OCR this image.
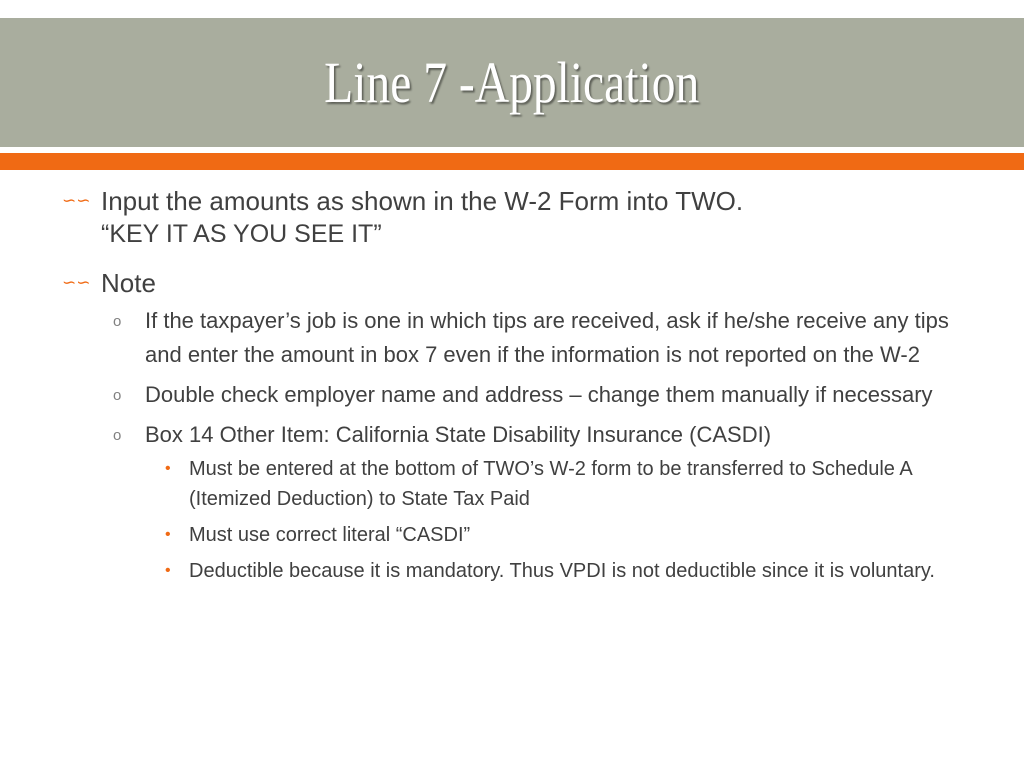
Line 7 -Application
∽∽ Input the amounts as shown in the W-2 Form into TWO.
“KEY IT AS YOU SEE IT”
∽∽ Note
o If the taxpayer’s job is one in which tips are received, ask if he/she receive any tips and enter the amount in box 7 even if the information is not reported on the W-2
o Double check employer name and address – change them manually if necessary
o Box 14 Other Item: California State Disability Insurance (CASDI)
• Must be entered at the bottom of TWO’s W-2 form to be transferred to Schedule A (Itemized Deduction) to State Tax Paid
• Must use correct literal “CASDI”
• Deductible because it is mandatory. Thus VPDI is not deductible since it is voluntary.
